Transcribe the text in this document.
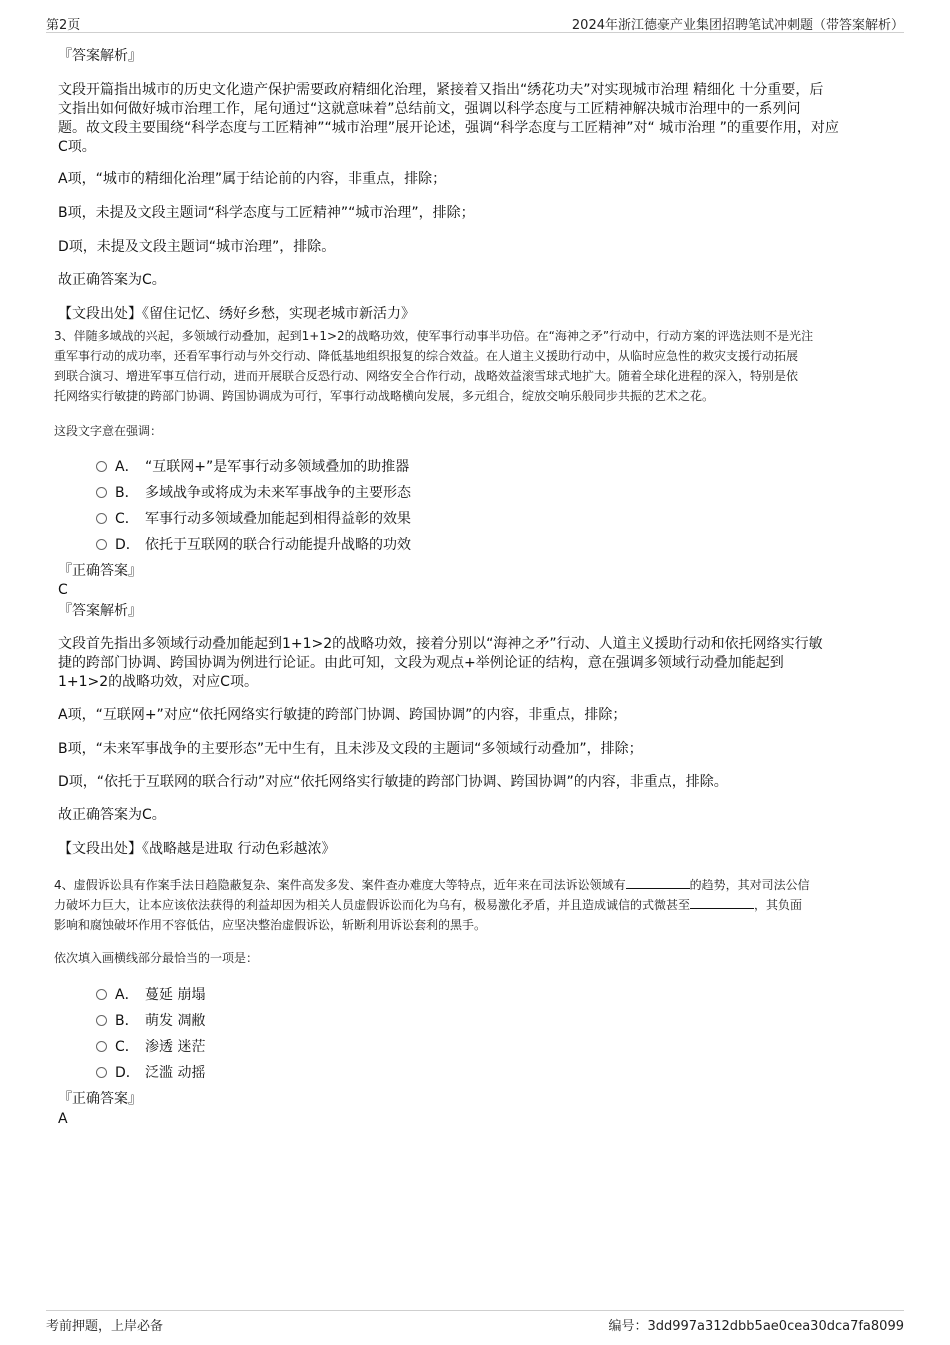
第2页	2024年浙江德豪产业集团招聘笔试冲刺题（带答案解析）
『答案解析』
文段开篇指出城市的历史文化遗产保护需要政府精细化治理，紧接着又指出“绣花功夫”对实现城市治理 精细化 十分重要，后
文指出如何做好城市治理工作，尾句通过“这就意味着”总结前文，强调以科学态度与工匠精神解决城市治理中的一系列问
题。故文段主要围绕“科学态度与工匠精神”“城市治理”展开论述，强调“科学态度与工匠精神”对“ 城市治理 ”的重要作用，对应
C项。
A项，“城市的精细化治理”属于结论前的内容，非重点，排除；
B项，未提及文段主题词“科学态度与工匠精神”“城市治理”，排除；
D项，未提及文段主题词“城市治理”，排除。
故正确答案为C。
【文段出处】《留住记忆、绣好乡愁，实现老城市新活力》
3、伴随多域战的兴起，多领域行动叠加，起到1+1>2的战略功效，使军事行动事半功倍。在“海神之矛”行动中，行动方案的评选法则不是光注
重军事行动的成功率，还看军事行动与外交行动、降低基地组织报复的综合效益。在人道主义援助行动中，从临时应急性的救灾支援行动拓展
到联合演习、增进军事互信行动，进而开展联合反恐行动、网络安全合作行动，战略效益滚雪球式地扩大。随着全球化进程的深入，特别是依
托网络实行敏捷的跨部门协调、跨国协调成为可行，军事行动战略横向发展，多元组合，绽放交响乐般同步共振的艺术之花。
这段文字意在强调：
A． “互联网+”是军事行动多领域叠加的助推器
B． 多域战争或将成为未来军事战争的主要形态
C． 军事行动多领域叠加能起到相得益彰的效果
D． 依托于互联网的联合行动能提升战略的功效
『正确答案』
C
『答案解析』
文段首先指出多领域行动叠加能起到1+1>2的战略功效，接着分别以“海神之矛”行动、人道主义援助行动和依托网络实行敏
捷的跨部门协调、跨国协调为例进行论证。由此可知，文段为观点+举例论证的结构，意在强调多领域行动叠加能起到
1+1>2的战略功效，对应C项。
A项，“互联网+”对应“依托网络实行敏捷的跨部门协调、跨国协调”的内容，非重点，排除；
B项，“未来军事战争的主要形态”无中生有，且未涉及文段的主题词“多领域行动叠加”，排除；
D项，“依托于互联网的联合行动”对应“依托网络实行敏捷的跨部门协调、跨国协调”的内容，非重点，排除。
故正确答案为C。
【文段出处】《战略越是进取 行动色彩越浓》
4、虚假诉讼具有作案手法日趋隐蔽复杂、案件高发多发、案件查办难度大等特点，近年来在司法诉讼领域有	的趋势，其对司法公信
力破坏力巨大，让本应该依法获得的利益却因为相关人员虚假诉讼而化为乌有，极易激化矛盾，并且造成诚信的式微甚至	，其负面
影响和腐蚀破坏作用不容低估，应坚决整治虚假诉讼，斩断利用诉讼套利的黑手。
依次填入画横线部分最恰当的一项是：
A． 蔓延 崩塌
B． 萌发 凋敝
C． 渗透 迷茫
D． 泛滥 动摇
『正确答案』
A
考前押题，上岸必备	编号：3dd997a312dbb5ae0cea30dca7fa8099
